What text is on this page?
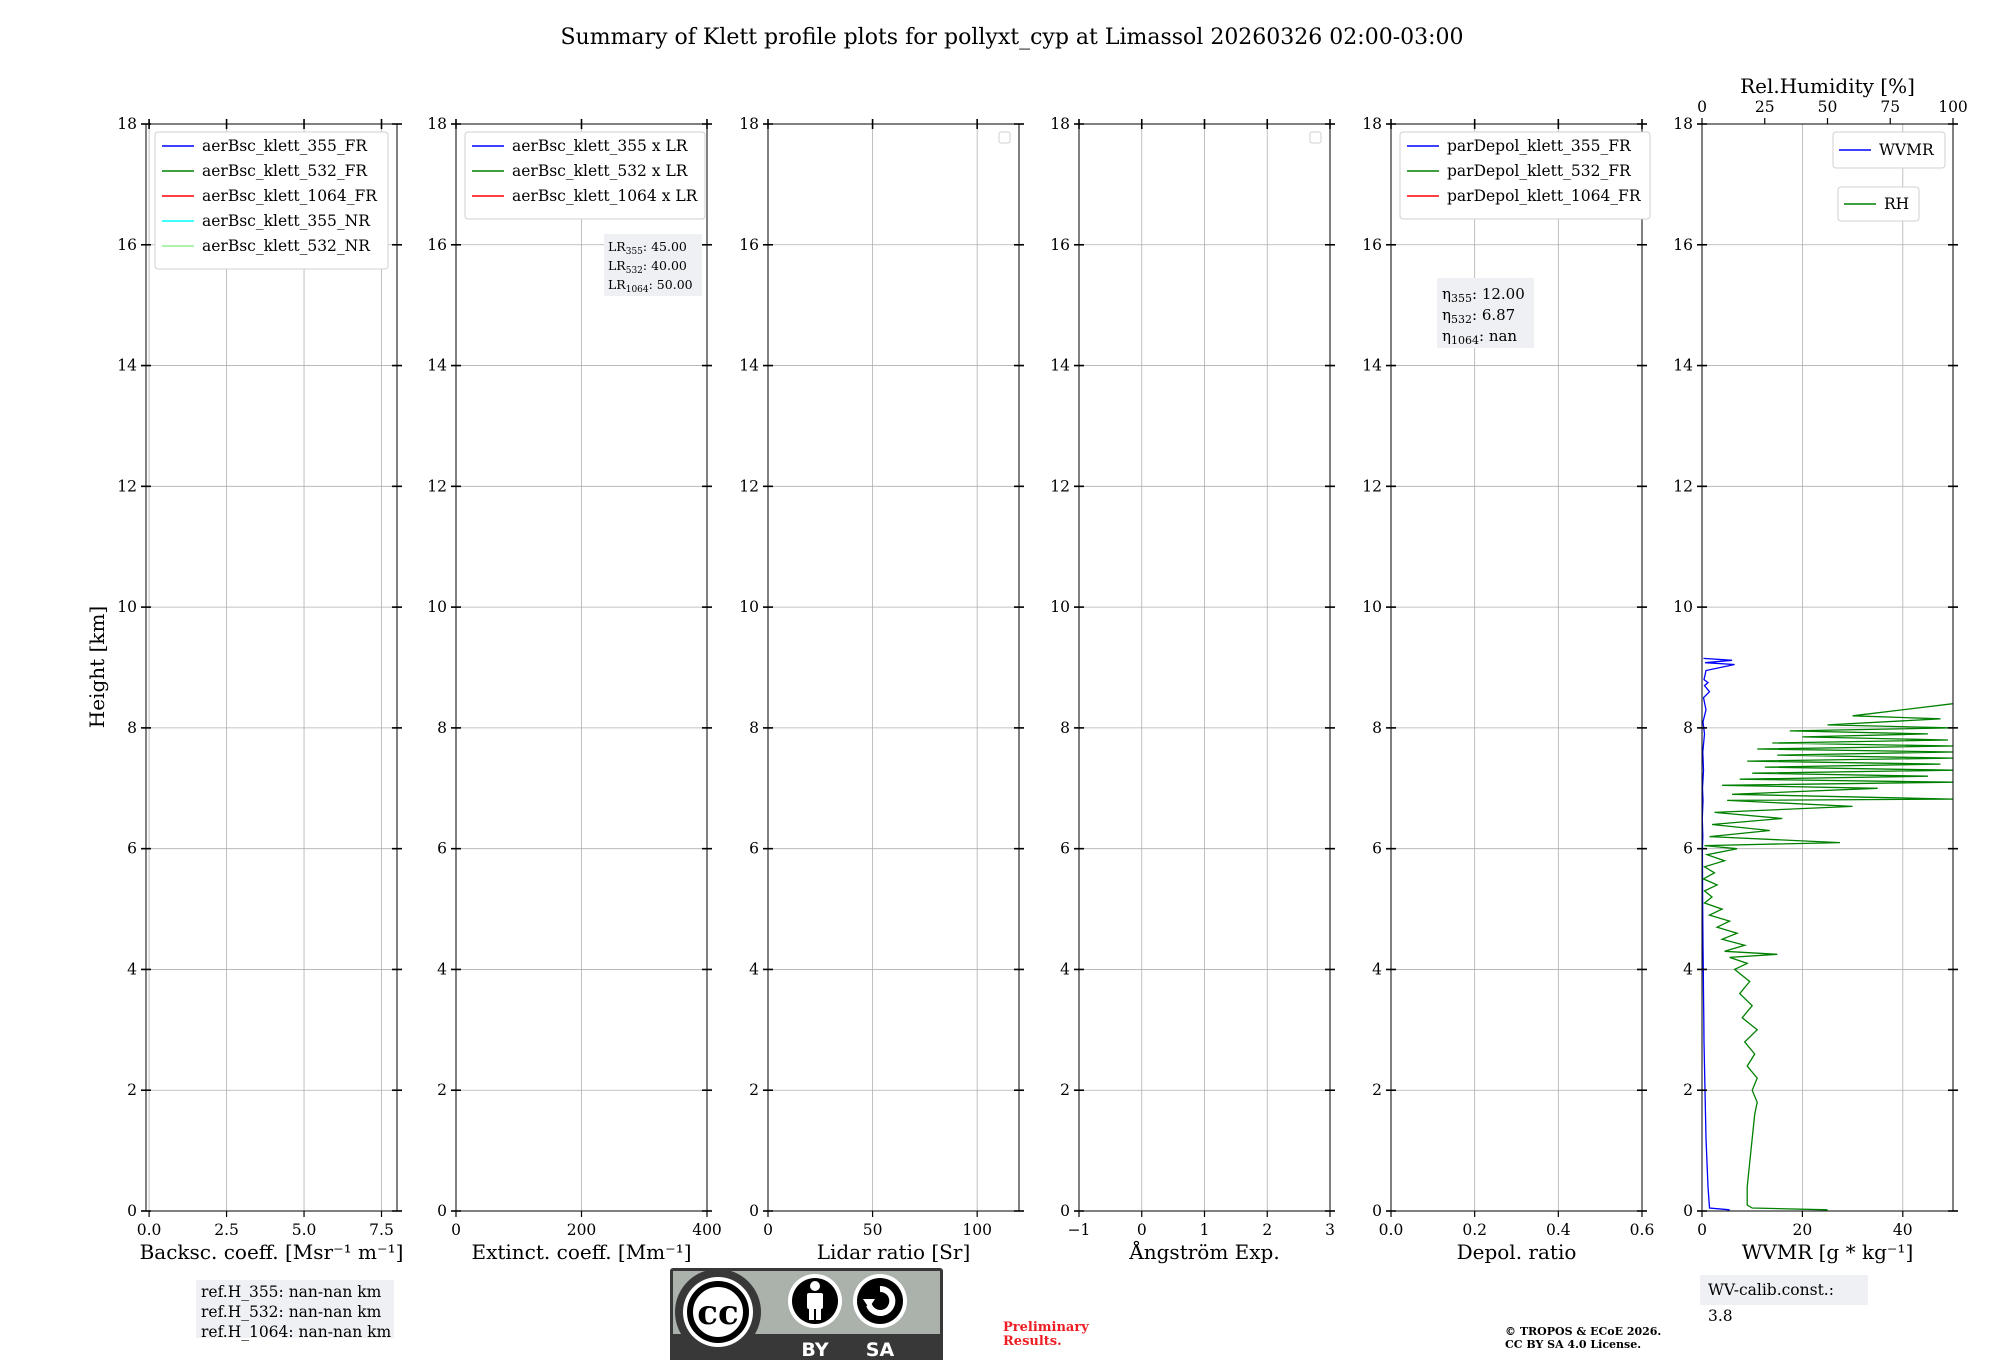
Summary of Klett profile plots for pollyxt_cyp at Limassol 20260326 02:00-03:00
Height [km]
0
2
4
6
8
10
12
14
16
18
0.0	2.5	5.0	7.5
Backsc. coeff. [Msr⁻¹ m⁻¹]
aerBsc_klett_355_FR
aerBsc_klett_532_FR
aerBsc_klett_1064_FR
aerBsc_klett_355_NR
aerBsc_klett_532_NR
0
2
4
6
8
10
12
14
16
18
0	200	400
Extinct. coeff. [Mm⁻¹]
aerBsc_klett_355 x LR
aerBsc_klett_532 x LR
aerBsc_klett_1064 x LR
$LR_{355}$: 45.00
$LR_{532}$: 40.00
$LR_{1064}$: 50.00
0
2
4
6
8
10
12
14
16
18
0	50	100
Lidar ratio [Sr]
0
2
4
6
8
10
12
14
16
18
−1	0	1	2	3
Ångström Exp.
0
2
4
6
8
10
12
14
16
18
0.0	0.2	0.4	0.6
Depol. ratio
parDepol_klett_355_FR
parDepol_klett_532_FR
parDepol_klett_1064_FR
$\eta_{355}$: 12.00
$\eta_{532}$: 6.87
$\eta_{1064}$: nan
0
2
4
6
8
10
12
14
16
18
0	20	40
WVMR [g * kg⁻¹]
0	25	50	75 100
Rel.Humidity [%]
WVMR
RH
cc
BY SA
ref.H_355: nan-nan km
ref.H_532: nan-nan km
ref.H_1064: nan-nan km
WV-calib.const.: 3.8
Preliminary
Results.
© TROPOS & ECoE 2026.
CC BY SA 4.0 License.
